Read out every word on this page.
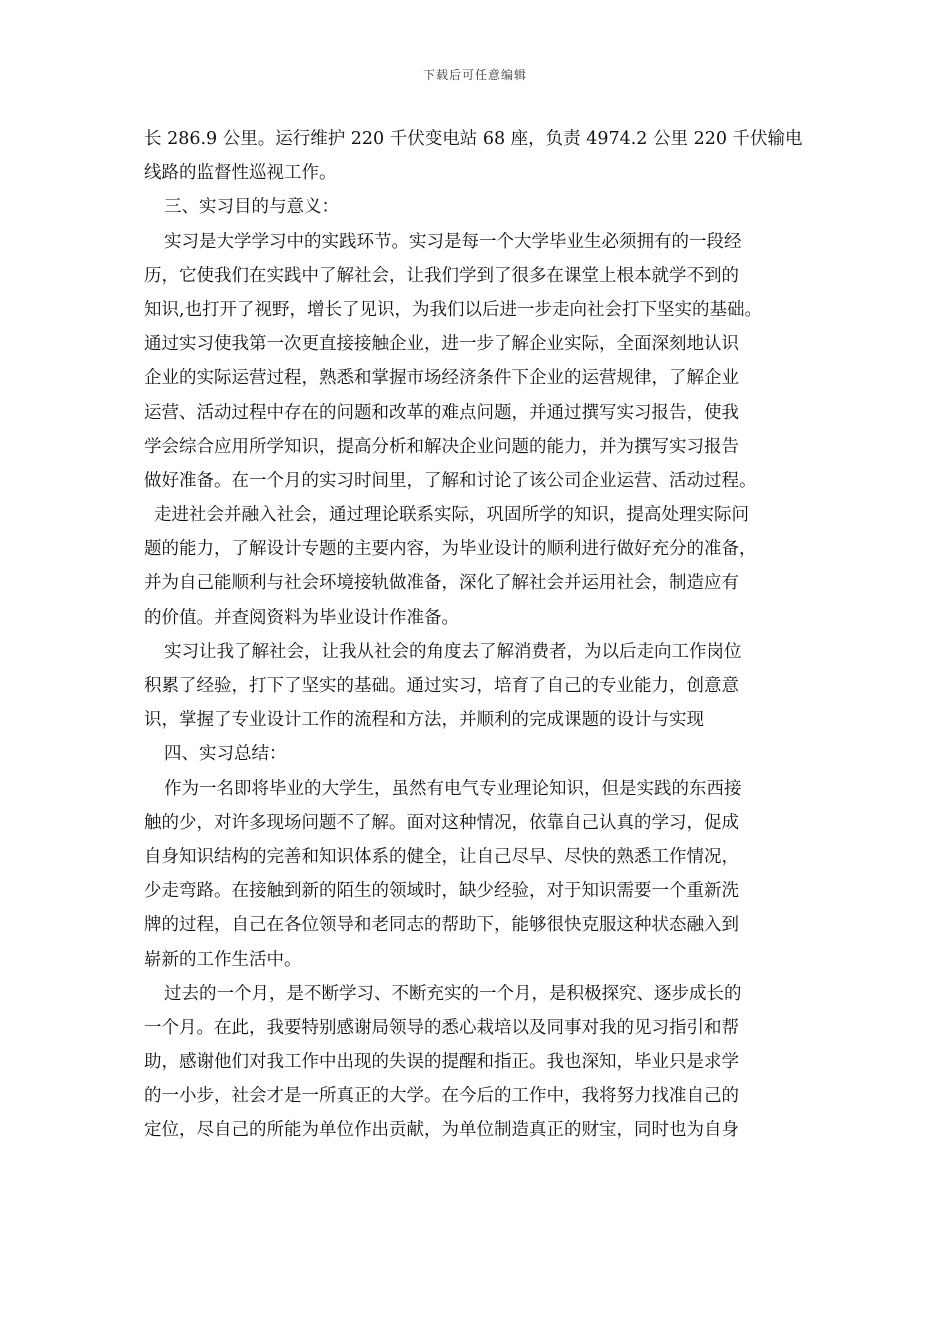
下载后可任意编辑
长 286.9 公里。运行维护 220 千伏变电站 68 座，负责 4974.2 公里 220 千伏输电
线路的监督性巡视工作。
三、实习目的与意义：
实习是大学学习中的实践环节。实习是每一个大学毕业生必须拥有的一段经
历，它使我们在实践中了解社会，让我们学到了很多在课堂上根本就学不到的
知识,也打开了视野，增长了见识，为我们以后进一步走向社会打下坚实的基础。
通过实习使我第一次更直接接触企业，进一步了解企业实际，全面深刻地认识
企业的实际运营过程，熟悉和掌握市场经济条件下企业的运营规律，了解企业
运营、活动过程中存在的问题和改革的难点问题，并通过撰写实习报告，使我
学会综合应用所学知识，提高分析和解决企业问题的能力，并为撰写实习报告
做好准备。在一个月的实习时间里，了解和讨论了该公司企业运营、活动过程。
走进社会并融入社会，通过理论联系实际，巩固所学的知识，提高处理实际问
题的能力，了解设计专题的主要内容，为毕业设计的顺利进行做好充分的准备，
并为自己能顺利与社会环境接轨做准备，深化了解社会并运用社会，制造应有
的价值。并查阅资料为毕业设计作准备。
实习让我了解社会，让我从社会的角度去了解消费者，为以后走向工作岗位
积累了经验，打下了坚实的基础。通过实习，培育了自己的专业能力，创意意
识，掌握了专业设计工作的流程和方法，并顺利的完成课题的设计与实现
四、实习总结：
作为一名即将毕业的大学生，虽然有电气专业理论知识，但是实践的东西接
触的少，对许多现场问题不了解。面对这种情况，依靠自己认真的学习，促成
自身知识结构的完善和知识体系的健全，让自己尽早、尽快的熟悉工作情况，
少走弯路。在接触到新的陌生的领域时，缺少经验，对于知识需要一个重新洗
牌的过程，自己在各位领导和老同志的帮助下，能够很快克服这种状态融入到
崭新的工作生活中。
过去的一个月，是不断学习、不断充实的一个月，是积极探究、逐步成长的
一个月。在此，我要特别感谢局领导的悉心栽培以及同事对我的见习指引和帮
助，感谢他们对我工作中出现的失误的提醒和指正。我也深知，毕业只是求学
的一小步，社会才是一所真正的大学。在今后的工作中，我将努力找准自己的
定位，尽自己的所能为单位作出贡献，为单位制造真正的财宝，同时也为自身
